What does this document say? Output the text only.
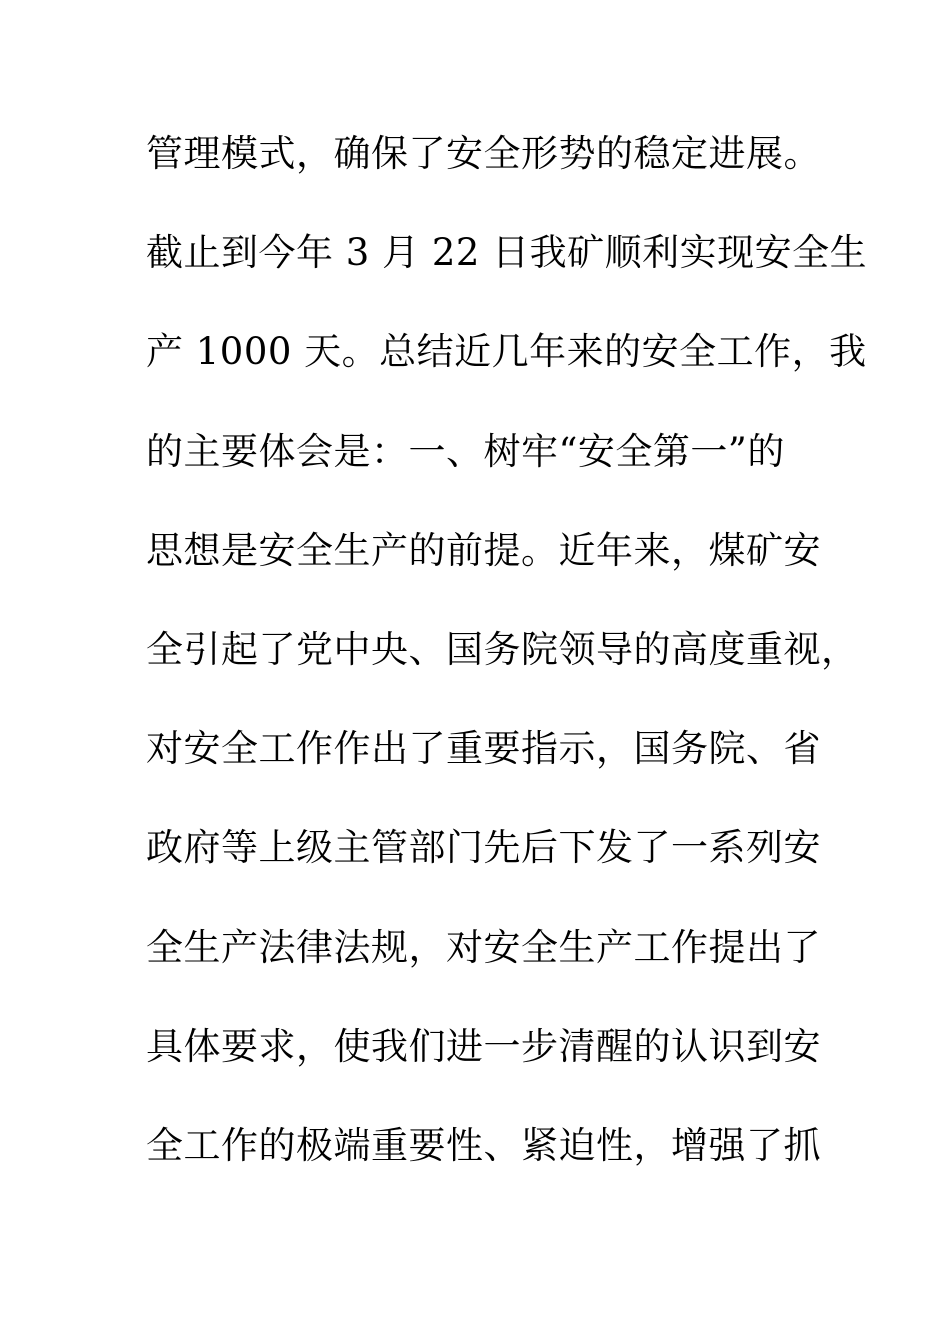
管理模式，确保了安全形势的稳定进展。
截止到今年 3 月 22 日我矿顺利实现安全生
产 1000 天。总结近几年来的安全工作，我
的主要体会是：一、树牢“安全第一”的
思想是安全生产的前提。近年来，煤矿安
全引起了党中央、国务院领导的高度重视，
对安全工作作出了重要指示，国务院、省
政府等上级主管部门先后下发了一系列安
全生产法律法规，对安全生产工作提出了
具体要求，使我们进一步清醒的认识到安
全工作的极端重要性、紧迫性，增强了抓
